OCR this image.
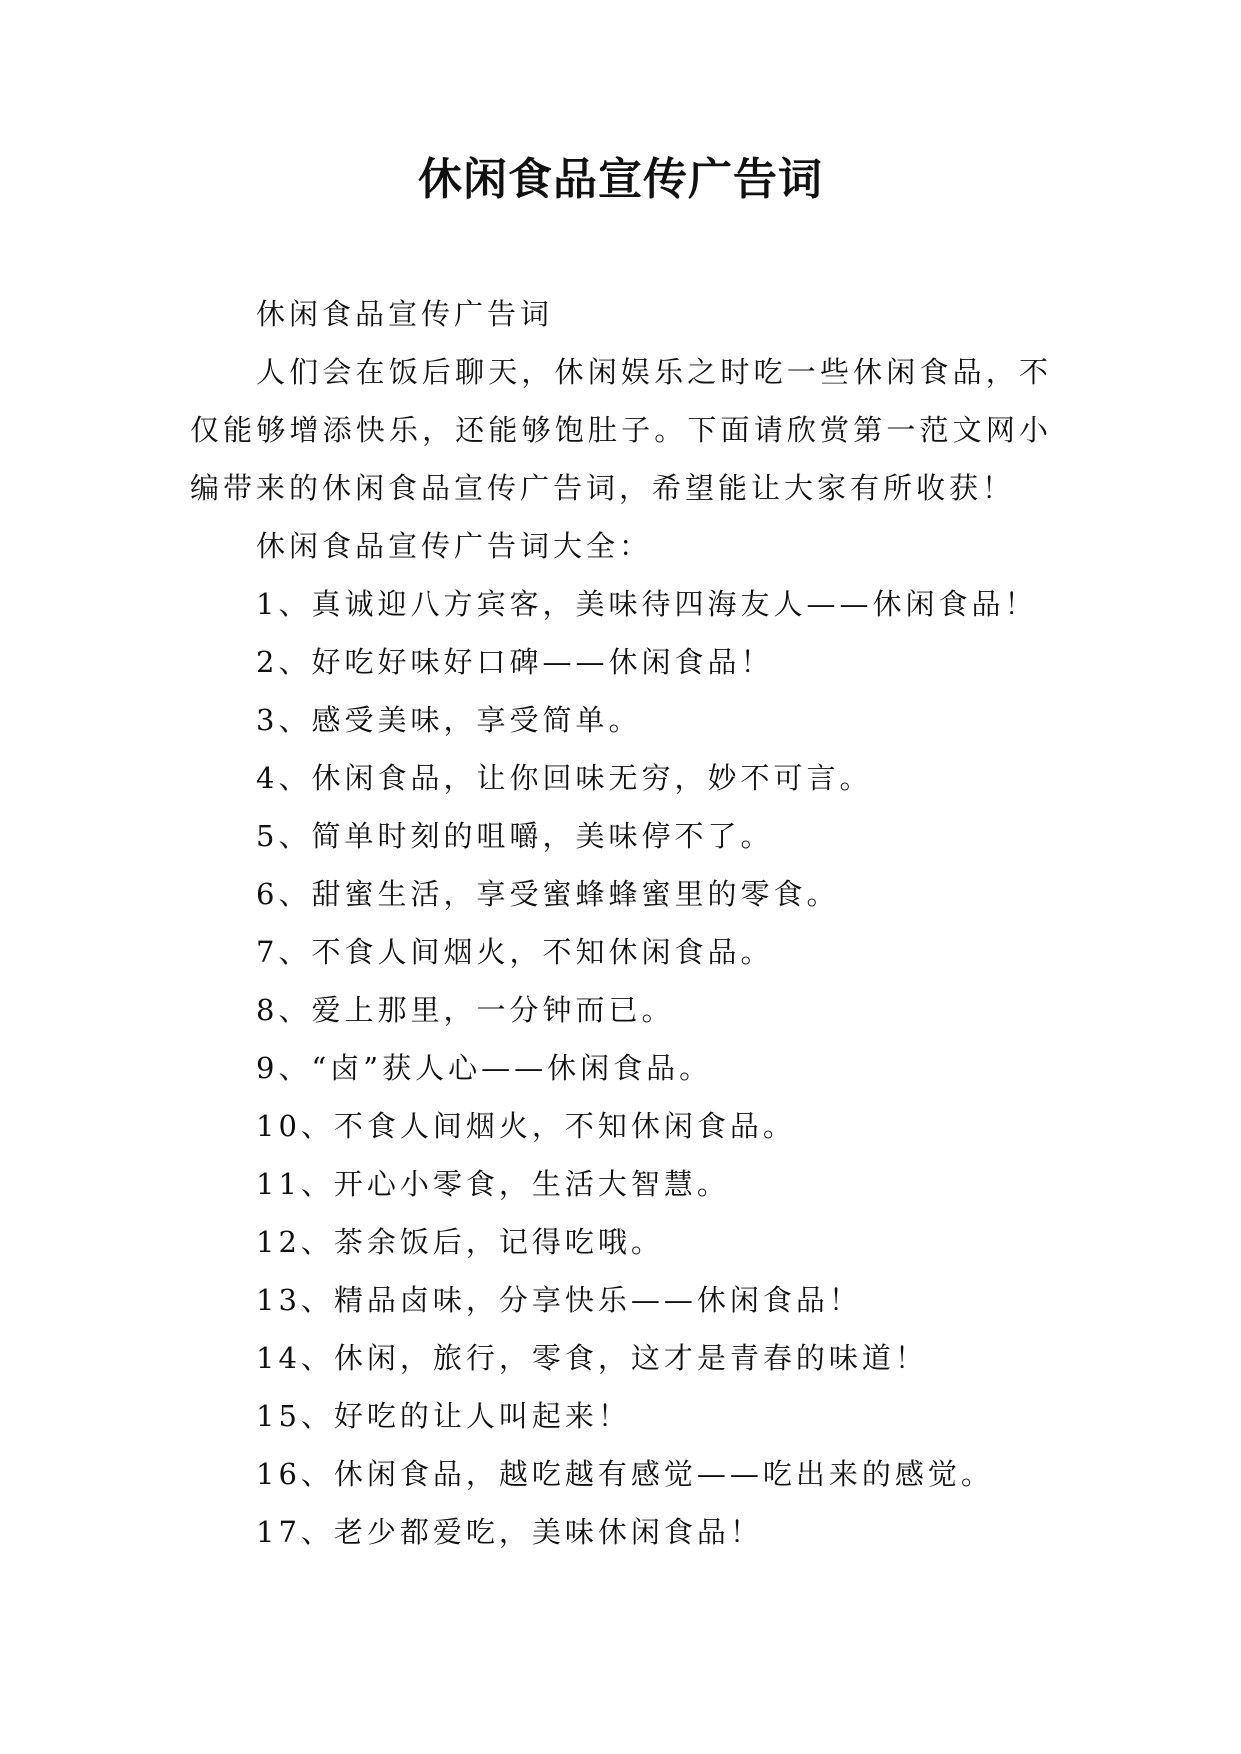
休闲食品宣传广告词

休闲食品宣传广告词

人们会在饭后聊天，休闲娱乐之时吃一些休闲食品，不仅能够增添快乐，还能够饱肚子。下面请欣赏第一范文网小编带来的休闲食品宣传广告词，希望能让大家有所收获！

休闲食品宣传广告词大全：

1、真诚迎八方宾客，美味待四海友人——休闲食品！
2、好吃好味好口碑——休闲食品！
3、感受美味，享受简单。
4、休闲食品，让你回味无穷，妙不可言。
5、简单时刻的咀嚼，美味停不了。
6、甜蜜生活，享受蜜蜂蜂蜜里的零食。
7、不食人间烟火，不知休闲食品。
8、爱上那里，一分钟而已。
9、“卤”获人心——休闲食品。
10、不食人间烟火，不知休闲食品。
11、开心小零食，生活大智慧。
12、茶余饭后，记得吃哦。
13、精品卤味，分享快乐——休闲食品！
14、休闲，旅行，零食，这才是青春的味道！
15、好吃的让人叫起来！
16、休闲食品，越吃越有感觉——吃出来的感觉。
17、老少都爱吃，美味休闲食品！
